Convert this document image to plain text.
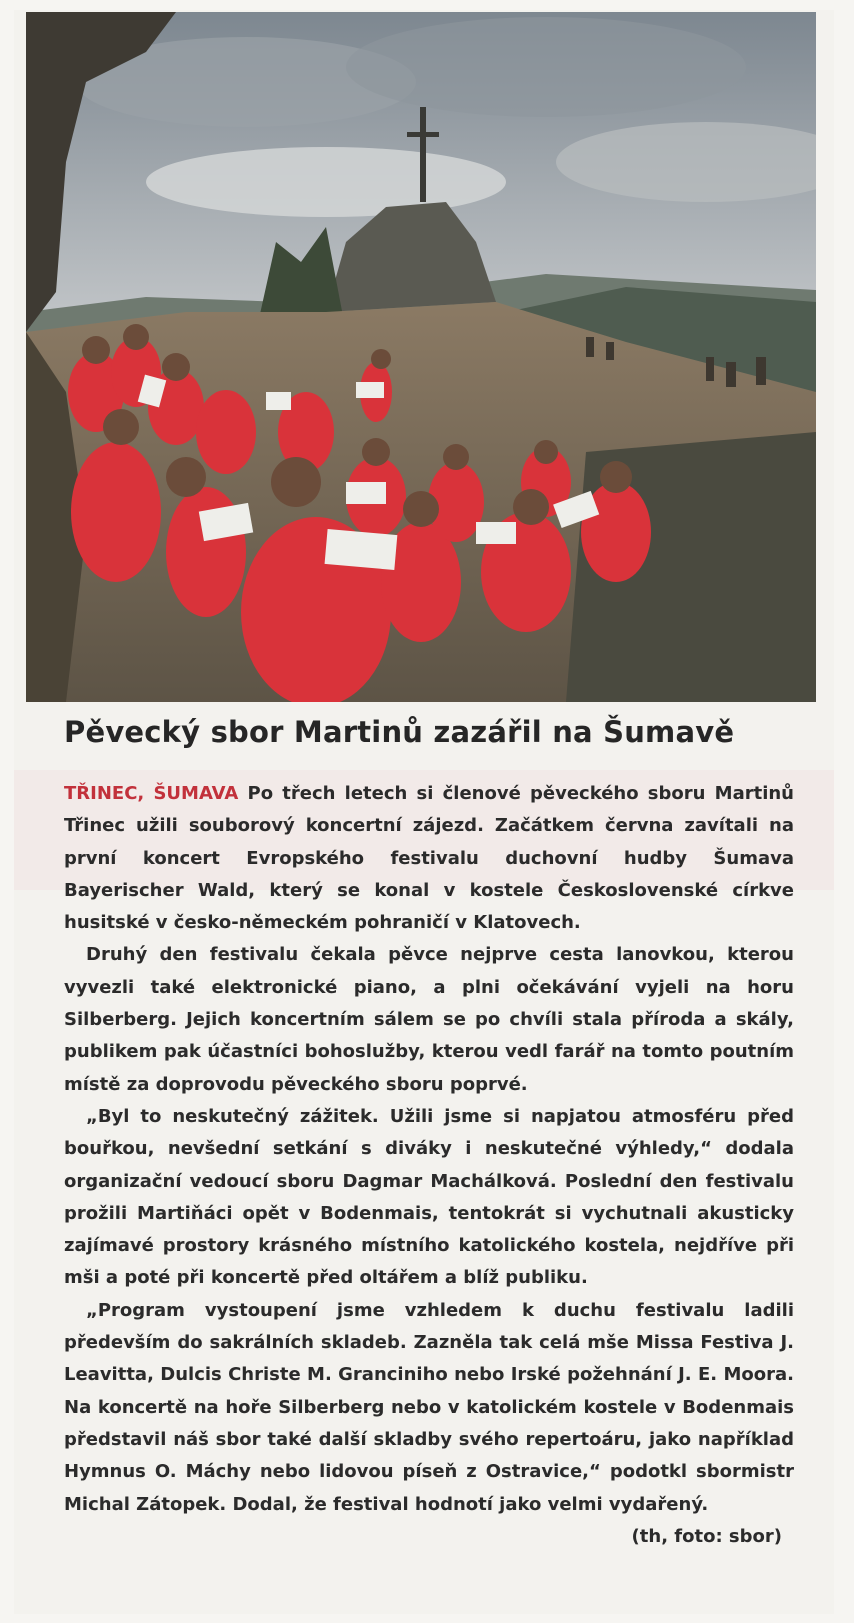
Pěvecký sbor Martinů zazářil na Šumavě

TŘINEC, ŠUMAVA Po třech letech si členové pěveckého sboru Martinů Třinec užili souborový koncertní zájezd. Začátkem června zavítali na první koncert Evropského festivalu duchovní hudby Šumava Bayerischer Wald, který se konal v kostele Československé církve husitské v česko-německém pohraničí v Klatovech.

Druhý den festivalu čekala pěvce nejprve cesta lanovkou, kterou vyvezli také elektronické piano, a plni očekávání vyjeli na horu Silberberg. Jejich koncertním sálem se po chvíli stala příroda a skály, publikem pak účastníci bohoslužby, kterou vedl farář na tomto poutním místě za doprovodu pěveckého sboru poprvé.

„Byl to neskutečný zážitek. Užili jsme si napjatou atmosféru před bouřkou, nevšední setkání s diváky i neskutečné výhledy,“ dodala organizační vedoucí sboru Dagmar Machálková. Poslední den festivalu prožili Martiňáci opět v Bodenmais, tentokrát si vychutnali akusticky zajímavé prostory krásného místního katolického kostela, nejdříve při mši a poté při koncertě před oltářem a blíž publiku.

„Program vystoupení jsme vzhledem k duchu festivalu ladili především do sakrálních skladeb. Zazněla tak celá mše Missa Festiva J. Leavitta, Dulcis Christe M. Granciniho nebo Irské požehnání J. E. Moora. Na koncertě na hoře Silberberg nebo v katolickém kostele v Bodenmais představil náš sbor také další skladby svého repertoáru, jako například Hymnus O. Máchy nebo lidovou píseň z Ostravice,“ podotkl sbormistr Michal Zátopek. Dodal, že festival hodnotí jako velmi vydařený.
(th, foto: sbor)
